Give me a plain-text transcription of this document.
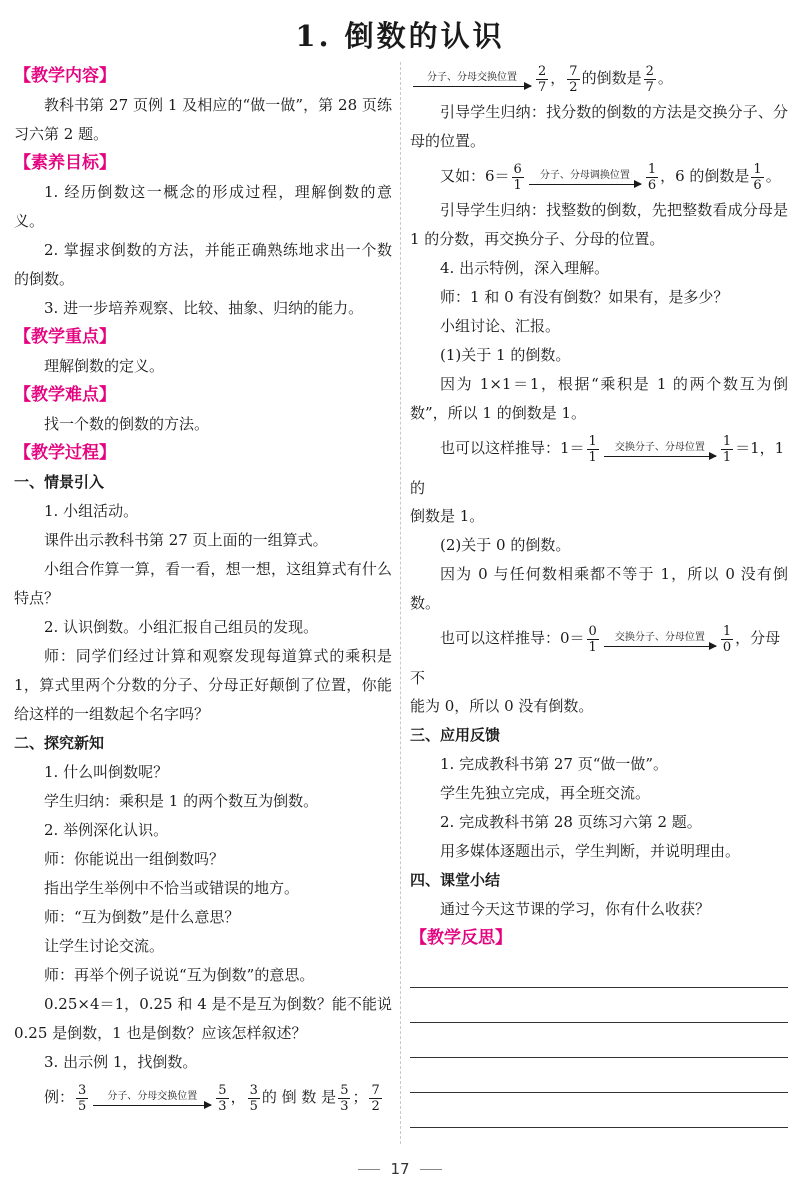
1. 倒数的认识
【教学内容】

教科书第 27 页例 1 及相应的“做一做”，第 28 页练习六第 2 题。

【素养目标】

1. 经历倒数这一概念的形成过程，理解倒数的意义。

2. 掌握求倒数的方法，并能正确熟练地求出一个数的倒数。

3. 进一步培养观察、比较、抽象、归纳的能力。

【教学重点】

理解倒数的定义。

【教学难点】

找一个数的倒数的方法。

【教学过程】
一、情景引入

1. 小组活动。

课件出示教科书第 27 页上面的一组算式。

小组合作算一算，看一看，想一想，这组算式有什么特点？

2. 认识倒数。小组汇报自己组员的发现。

师：同学们经过计算和观察发现每道算式的乘积是 1，算式里两个分数的分子、分母正好颠倒了位置，你能给这样的一组数起个名字吗？

二、探究新知

1. 什么叫倒数呢？

学生归纳：乘积是 1 的两个数互为倒数。

2. 举例深化认识。

师：你能说出一组倒数吗？

指出学生举例中不恰当或错误的地方。

师：“互为倒数”是什么意思？

让学生讨论交流。

师：再举个例子说说“互为倒数”的意思。

0.25×4＝1，0.25 和 4 是不是互为倒数？能不能说 0.25 是倒数，1 也是倒数？应该怎样叙述？

3. 出示例 1，找倒数。

例： $\frac{3}{5}$ 分子、分母交换位置 $\frac{5}{3}$ ， $\frac{3}{5}$ 的 倒 数 是 $\frac{5}{3}$ ； $\frac{7}{2}$

分子、分母交换位置 $\frac{2}{7}$ ， $\frac{7}{2}$ 的倒数是 $\frac{2}{7}$ 。

引导学生归纳：找分数的倒数的方法是交换分子、分母的位置。

又如：$6= \frac{6}{1}$ 分子、分母调换位置 $\frac{1}{6}$ ，6 的倒数是 $\frac{1}{6}$ 。

引导学生归纳：找整数的倒数，先把整数看成分母是 1 的分数，再交换分子、分母的位置。

4. 出示特例，深入理解。

师：1 和 0 有没有倒数？如果有，是多少？

小组讨论、汇报。

(1)关于 1 的倒数。

因为 1×1＝1，根据“乘积是 1 的两个数互为倒数”，所以 1 的倒数是 1。

也可以这样推导：$1= \frac{1}{1}$ 交换分子、分母位置 $\frac{1}{1} =1$，1 的

倒数是 1。

(2)关于 0 的倒数。

因为 0 与任何数相乘都不等于 1，所以 0 没有倒数。

也可以这样推导：$0= \frac{0}{1}$ 交换分子、分母位置 $\frac{1}{0}$ ，分母不

能为 0，所以 0 没有倒数。

三、应用反馈

1. 完成教科书第 27 页“做一做”。

学生先独立完成，再全班交流。

2. 完成教科书第 28 页练习六第 2 题。

用多媒体逐题出示，学生判断，并说明理由。

四、课堂小结

通过今天这节课的学习，你有什么收获？

【教学反思】
17
